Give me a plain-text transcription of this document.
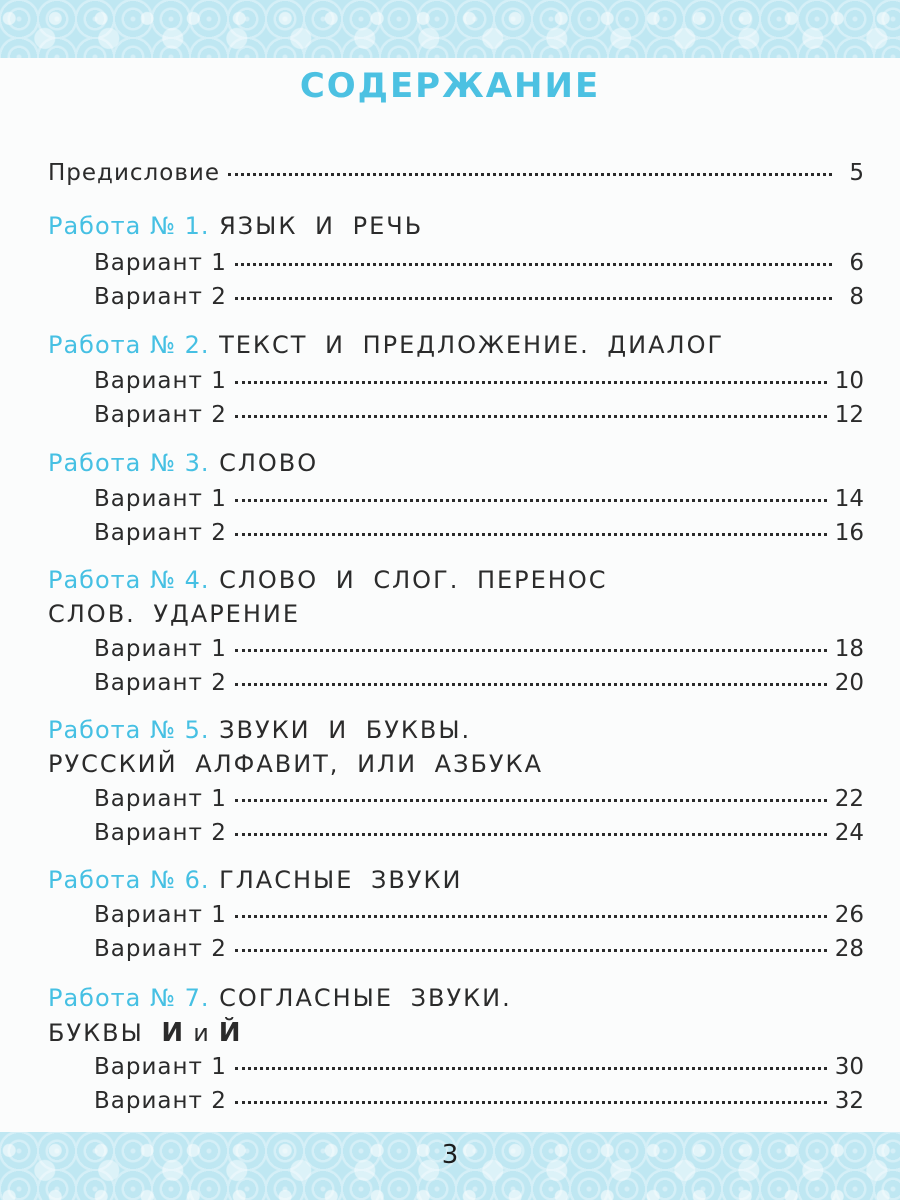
СОДЕРЖАНИЕ
Предисловие	5
Работа № 1. ЯЗЫК И РЕЧЬ
Вариант 1	6
Вариант 2	8
Работа № 2. ТЕКСТ И ПРЕДЛОЖЕНИЕ. ДИАЛОГ
Вариант 1	10
Вариант 2	12
Работа № 3. СЛОВО
Вариант 1	14
Вариант 2	16
Работа № 4. СЛОВО И СЛОГ. ПЕРЕНОС
СЛОВ. УДАРЕНИЕ
Вариант 1	18
Вариант 2	20
Работа № 5. ЗВУКИ И БУКВЫ.
РУССКИЙ АЛФАВИТ, ИЛИ АЗБУКА
Вариант 1	22
Вариант 2	24
Работа № 6. ГЛАСНЫЕ ЗВУКИ
Вариант 1	26
Вариант 2	28
Работа № 7. СОГЛАСНЫЕ ЗВУКИ.
БУКВЫ И и Й
Вариант 1	30
Вариант 2	32
3
